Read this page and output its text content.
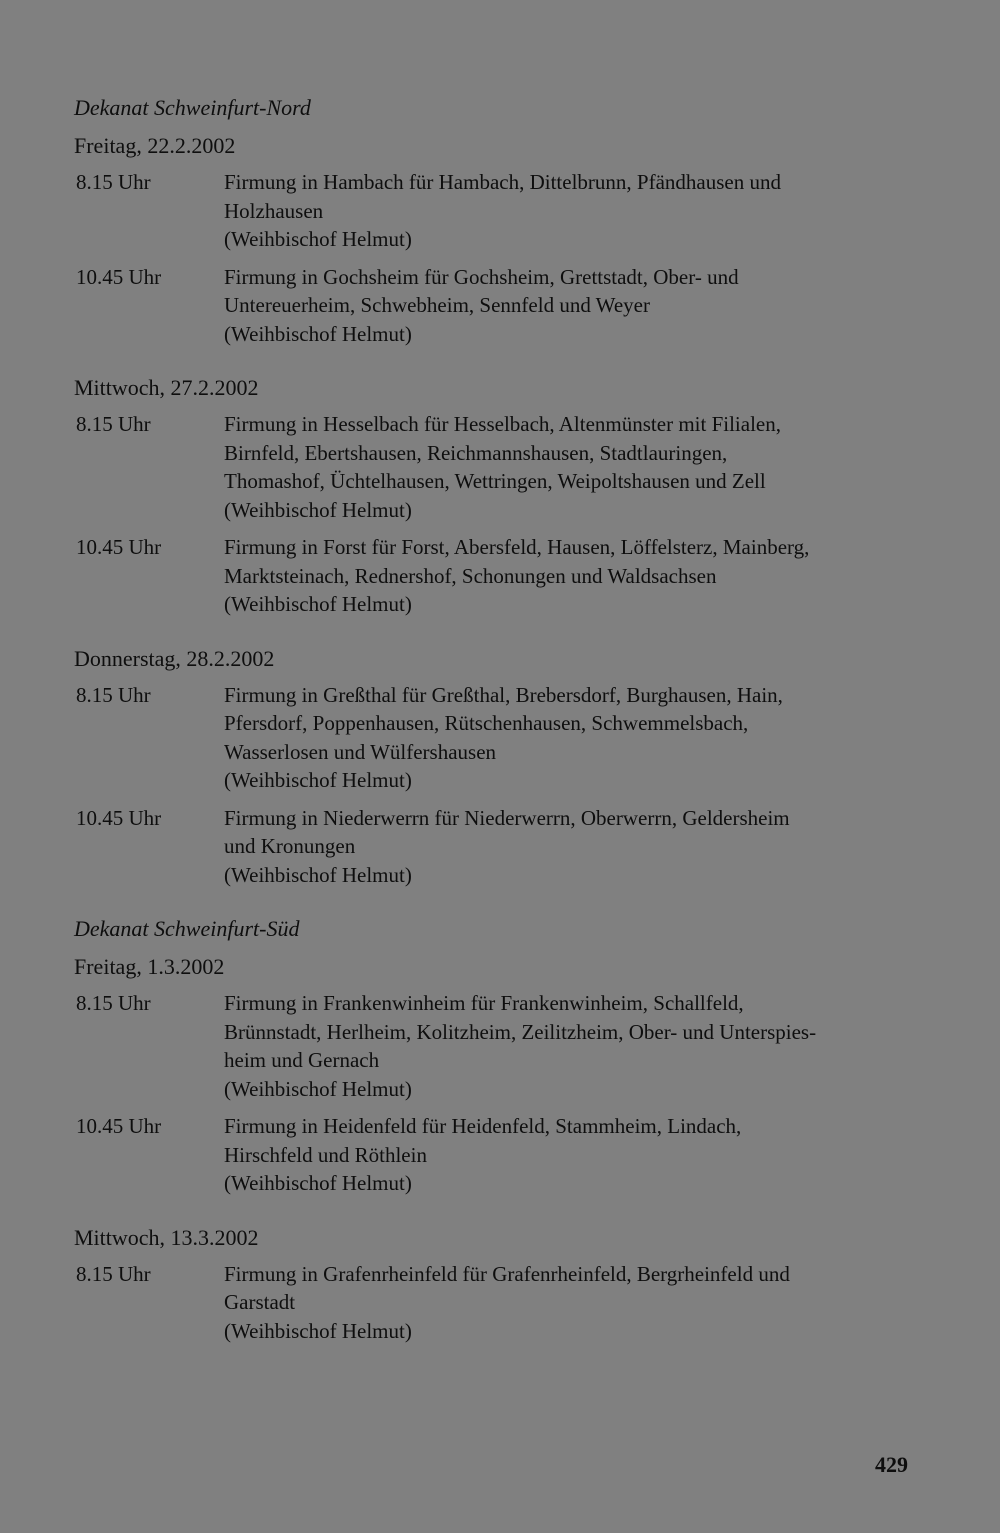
Dekanat Schweinfurt-Nord
Freitag, 22.2.2002
8.15 Uhr	Firmung in Hambach für Hambach, Dittelbrunn, Pfändhausen und
Holzhausen
(Weihbischof Helmut)
10.45 Uhr	Firmung in Gochsheim für Gochsheim, Grettstadt, Ober- und
Untereuerheim, Schwebheim, Sennfeld und Weyer
(Weihbischof Helmut)
Mittwoch, 27.2.2002
8.15 Uhr	Firmung in Hesselbach für Hesselbach, Altenmünster mit Filialen,
Birnfeld, Ebertshausen, Reichmannshausen, Stadtlauringen,
Thomashof, Üchtelhausen, Wettringen, Weipoltshausen und Zell
(Weihbischof Helmut)
10.45 Uhr	Firmung in Forst für Forst, Abersfeld, Hausen, Löffelsterz, Mainberg,
Marktsteinach, Rednershof, Schonungen und Waldsachsen
(Weihbischof Helmut)
Donnerstag, 28.2.2002
8.15 Uhr	Firmung in Greßthal für Greßthal, Brebersdorf, Burghausen, Hain,
Pfersdorf, Poppenhausen, Rütschenhausen, Schwemmelsbach,
Wasserlosen und Wülfershausen
(Weihbischof Helmut)
10.45 Uhr	Firmung in Niederwerrn für Niederwerrn, Oberwerrn, Geldersheim
und Kronungen
(Weihbischof Helmut)
Dekanat Schweinfurt-Süd
Freitag, 1.3.2002
8.15 Uhr	Firmung in Frankenwinheim für Frankenwinheim, Schallfeld,
Brünnstadt, Herlheim, Kolitzheim, Zeilitzheim, Ober- und Unterspies-
heim und Gernach
(Weihbischof Helmut)
10.45 Uhr	Firmung in Heidenfeld für Heidenfeld, Stammheim, Lindach,
Hirschfeld und Röthlein
(Weihbischof Helmut)
Mittwoch, 13.3.2002
8.15 Uhr	Firmung in Grafenrheinfeld für Grafenrheinfeld, Bergrheinfeld und
Garstadt
(Weihbischof Helmut)
429
